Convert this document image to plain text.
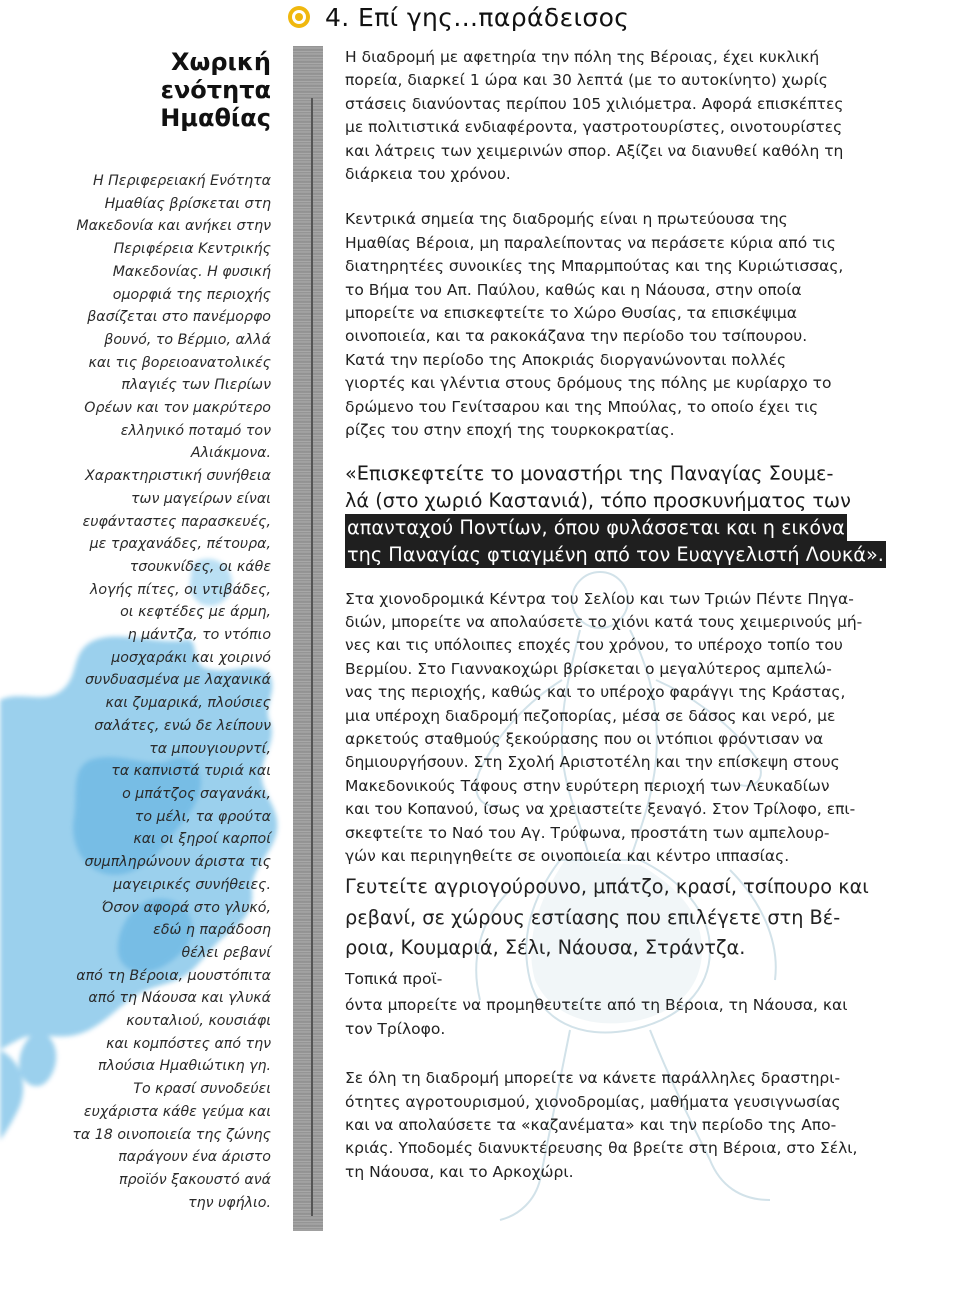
4. Επί γης...παράδεισος
Χωρική
ενότητα
Ημαθίας
Η Περιφερειακή Ενότητα
Ημαθίας βρίσκεται στη
Μακεδονία και ανήκει στην
Περιφέρεια Κεντρικής
Μακεδονίας. Η φυσική
ομορφιά της περιοχής
βασίζεται στο πανέμορφο
βουνό, το Βέρμιο, αλλά
και τις βορειοανατολικές
πλαγιές των Πιερίων
Ορέων και τον μακρύτερο
ελληνικό ποταμό τον
Αλιάκμονα.
Χαρακτηριστική συνήθεια
των μαγείρων είναι
ευφάνταστες παρασκευές,
με τραχανάδες, πέτουρα,
τσουκνίδες, οι κάθε
λογής πίτες, οι ντιβάδες,
οι κεφτέδες με άρμη,
η μάντζα, το ντόπιο
μοσχαράκι και χοιρινό
συνδυασμένα με λαχανικά
και ζυμαρικά, πλούσιες
σαλάτες, ενώ δε λείπουν
τα μπουγιουρντί,
τα καπνιστά τυριά και
ο μπάτζος σαγανάκι,
το μέλι, τα φρούτα
και οι ξηροί καρποί
συμπληρώνουν άριστα τις
μαγειρικές συνήθειες.
Όσον αφορά στο γλυκό,
εδώ η παράδοση
θέλει ρεβανί
από τη Βέροια, μουστόπιτα
από τη Νάουσα και γλυκά
κουταλιού, κουσιάφι
και κομπόστες από την
πλούσια Ημαθιώτικη γη.
Το κρασί συνοδεύει
ευχάριστα κάθε γεύμα και
τα 18 οινοποιεία της ζώνης
παράγουν ένα άριστο
προϊόν ξακουστό ανά
την υφήλιο.

Η διαδρομή με αφετηρία την πόλη της Βέροιας, έχει κυκλική
πορεία, διαρκεί 1 ώρα και 30 λεπτά (με το αυτοκίνητο) χωρίς
στάσεις διανύοντας περίπου 105 χιλιόμετρα. Αφορά επισκέπτες
με πολιτιστικά ενδιαφέροντα, γαστροτουρίστες, οινοτουρίστες
και λάτρεις των χειμερινών σπορ. Αξίζει να διανυθεί καθόλη τη
διάρκεια του χρόνου.

Κεντρικά σημεία της διαδρομής είναι η πρωτεύουσα της
Ημαθίας Βέροια, μη παραλείποντας να περάσετε κύρια από τις
διατηρητέες συνοικίες της Μπαρμπούτας και της Κυριώτισσας,
το Βήμα του Απ. Παύλου, καθώς και η Νάουσα, στην οποία
μπορείτε να επισκεφτείτε το Χώρο Θυσίας, τα επισκέψιμα
οινοποιεία, και τα ρακοκάζανα την περίοδο του τσίπουρου.
Κατά την περίοδο της Αποκριάς διοργανώνονται πολλές
γιορτές και γλέντια στους δρόμους της πόλης με κυρίαρχο το
δρώμενο του Γενίτσαρου και της Μπούλας, το οποίο έχει τις
ρίζες του στην εποχή της τουρκοκρατίας.

«Επισκεφτείτε το μοναστήρι της Παναγίας Σουμε-
λά (στο χωριό Καστανιά), τόπο προσκυνήματος των
απανταχού Ποντίων, όπου φυλάσσεται και η εικόνα
της Παναγίας φτιαγμένη από τον Ευαγγελιστή Λουκά».

Στα χιονοδρομικά Κέντρα του Σελίου και των Τριών Πέντε Πηγα-
διών, μπορείτε να απολαύσετε το χιόνι κατά τους χειμερινούς μή-
νες και τις υπόλοιπες εποχές του χρόνου, το υπέροχο τοπίο του
Βερμίου. Στο Γιαννακοχώρι βρίσκεται ο μεγαλύτερος αμπελώ-
νας της περιοχής, καθώς και το υπέροχο φαράγγι της Κράστας,
μια υπέροχη διαδρομή πεζοπορίας, μέσα σε δάσος και νερό, με
αρκετούς σταθμούς ξεκούρασης που οι ντόπιοι φρόντισαν να
δημιουργήσουν. Στη Σχολή Αριστοτέλη και την επίσκεψη στους
Μακεδονικούς Τάφους στην ευρύτερη περιοχή των Λευκαδίων
και του Κοπανού, ίσως να χρειαστείτε ξεναγό. Στον Τρίλοφο, επι-
σκεφτείτε το Ναό του Αγ. Τρύφωνα, προστάτη των αμπελουρ-
γών και περιηγηθείτε σε οινοποιεία και κέντρο ιππασίας.

Γευτείτε αγριογούρουνο, μπάτζο, κρασί, τσίπουρο και
ρεβανί, σε χώρους εστίασης που επιλέγετε στη Βέ-
ροια, Κουμαριά, Σέλι, Νάουσα, Στράντζα.
Τοπικά προϊ-
όντα μπορείτε να προμηθευτείτε από τη Βέροια, τη Νάουσα, και
τον Τρίλοφο.

Σε όλη τη διαδρομή μπορείτε να κάνετε παράλληλες δραστηρι-
ότητες αγροτουρισμού, χιονοδρομίας, μαθήματα γευσιγνωσίας
και να απολαύσετε τα «καζανέματα» και την περίοδο της Απο-
κριάς. Υποδομές διανυκτέρευσης θα βρείτε στη Βέροια, στο Σέλι,
τη Νάουσα, και το Αρκοχώρι.
